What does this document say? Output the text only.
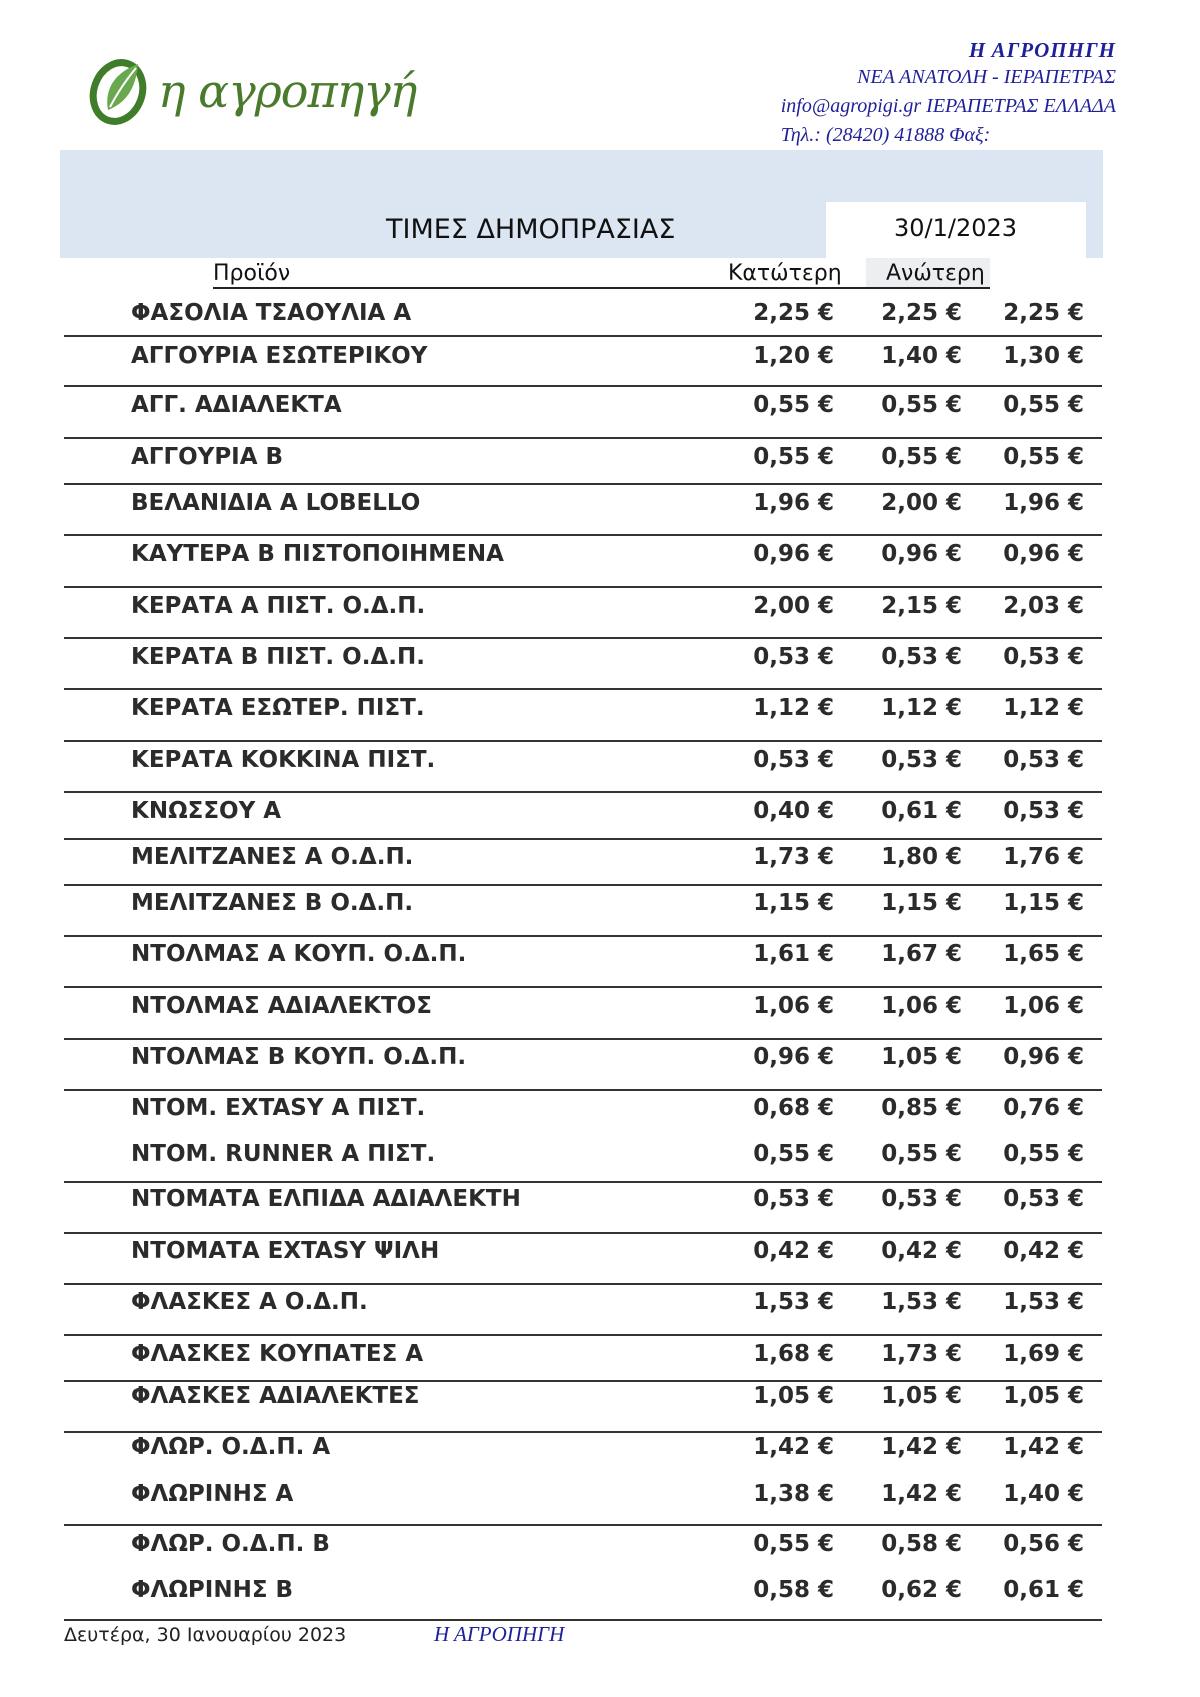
η αγροπηγή
Η ΑΓΡΟΠΗΓΗ
ΝΕΑ ΑΝΑΤΟΛΗ - ΙΕΡΑΠΕΤΡΑΣ
info@agropigi.gr ΙΕΡΑΠΕΤΡΑΣ ΕΛΛΑΔΑ
Τηλ.: (28420) 41888 Φαξ:
ΤΙΜΕΣ ΔΗΜΟΠΡΑΣΙΑΣ	30/1/2023
Προϊόν	Κατώτερη Ανώτερη
ΦΑΣΟΛΙΑ ΤΣΑΟΥΛΙΑ Α	2,25 €	2,25 €	2,25 €
ΑΓΓΟΥΡΙΑ ΕΣΩΤΕΡΙΚΟΥ	1,20 €	1,40 €	1,30 €
ΑΓΓ. ΑΔΙΑΛΕΚΤΑ	0,55 €	0,55 €	0,55 €
ΑΓΓΟΥΡΙΑ Β	0,55 €	0,55 €	0,55 €
ΒΕΛΑΝΙΔΙΑ Α LOBELLO	1,96 €	2,00 €	1,96 €
ΚΑΥΤΕΡΑ Β ΠΙΣΤΟΠΟΙΗΜΕΝΑ	0,96 €	0,96 €	0,96 €
ΚΕΡΑΤΑ Α ΠΙΣΤ. Ο.Δ.Π.	2,00 €	2,15 €	2,03 €
ΚΕΡΑΤΑ Β ΠΙΣΤ. Ο.Δ.Π.	0,53 €	0,53 €	0,53 €
ΚΕΡΑΤΑ ΕΣΩΤΕΡ. ΠΙΣΤ.	1,12 €	1,12 €	1,12 €
ΚΕΡΑΤΑ ΚΟΚΚΙΝΑ ΠΙΣΤ.	0,53 €	0,53 €	0,53 €
ΚΝΩΣΣΟΥ Α	0,40 €	0,61 €	0,53 €
ΜΕΛΙΤΖΑΝΕΣ Α Ο.Δ.Π.	1,73 €	1,80 €	1,76 €
ΜΕΛΙΤΖΑΝΕΣ Β Ο.Δ.Π.	1,15 €	1,15 €	1,15 €
ΝΤΟΛΜΑΣ Α ΚΟΥΠ. Ο.Δ.Π.	1,61 €	1,67 €	1,65 €
ΝΤΟΛΜΑΣ ΑΔΙΑΛΕΚΤΟΣ	1,06 €	1,06 €	1,06 €
ΝΤΟΛΜΑΣ Β ΚΟΥΠ. Ο.Δ.Π.	0,96 €	1,05 €	0,96 €
ΝΤΟΜ. EXTASY Α ΠΙΣΤ.	0,68 €	0,85 €	0,76 €
ΝΤΟΜ. RUNNER Α ΠΙΣΤ.	0,55 €	0,55 €	0,55 €
ΝΤΟΜΑΤΑ ΕΛΠΙΔΑ ΑΔΙΑΛΕΚΤΗ	0,53 €	0,53 €	0,53 €
ΝΤΟΜΑΤΑ EXTASY ΨΙΛΗ	0,42 €	0,42 €	0,42 €
ΦΛΑΣΚΕΣ Α Ο.Δ.Π.	1,53 €	1,53 €	1,53 €
ΦΛΑΣΚΕΣ ΚΟΥΠΑΤΕΣ Α	1,68 €	1,73 €	1,69 €
ΦΛΑΣΚΕΣ ΑΔΙΑΛΕΚΤΕΣ	1,05 €	1,05 €	1,05 €
ΦΛΩΡ. Ο.Δ.Π. Α	1,42 €	1,42 €	1,42 €
ΦΛΩΡΙΝΗΣ Α	1,38 €	1,42 €	1,40 €
ΦΛΩΡ. Ο.Δ.Π. Β	0,55 €	0,58 €	0,56 €
ΦΛΩΡΙΝΗΣ Β	0,58 €	0,62 €	0,61 €
Δευτέρα, 30 Ιανουαρίου 2023	Η ΑΓΡΟΠΗΓΗ
